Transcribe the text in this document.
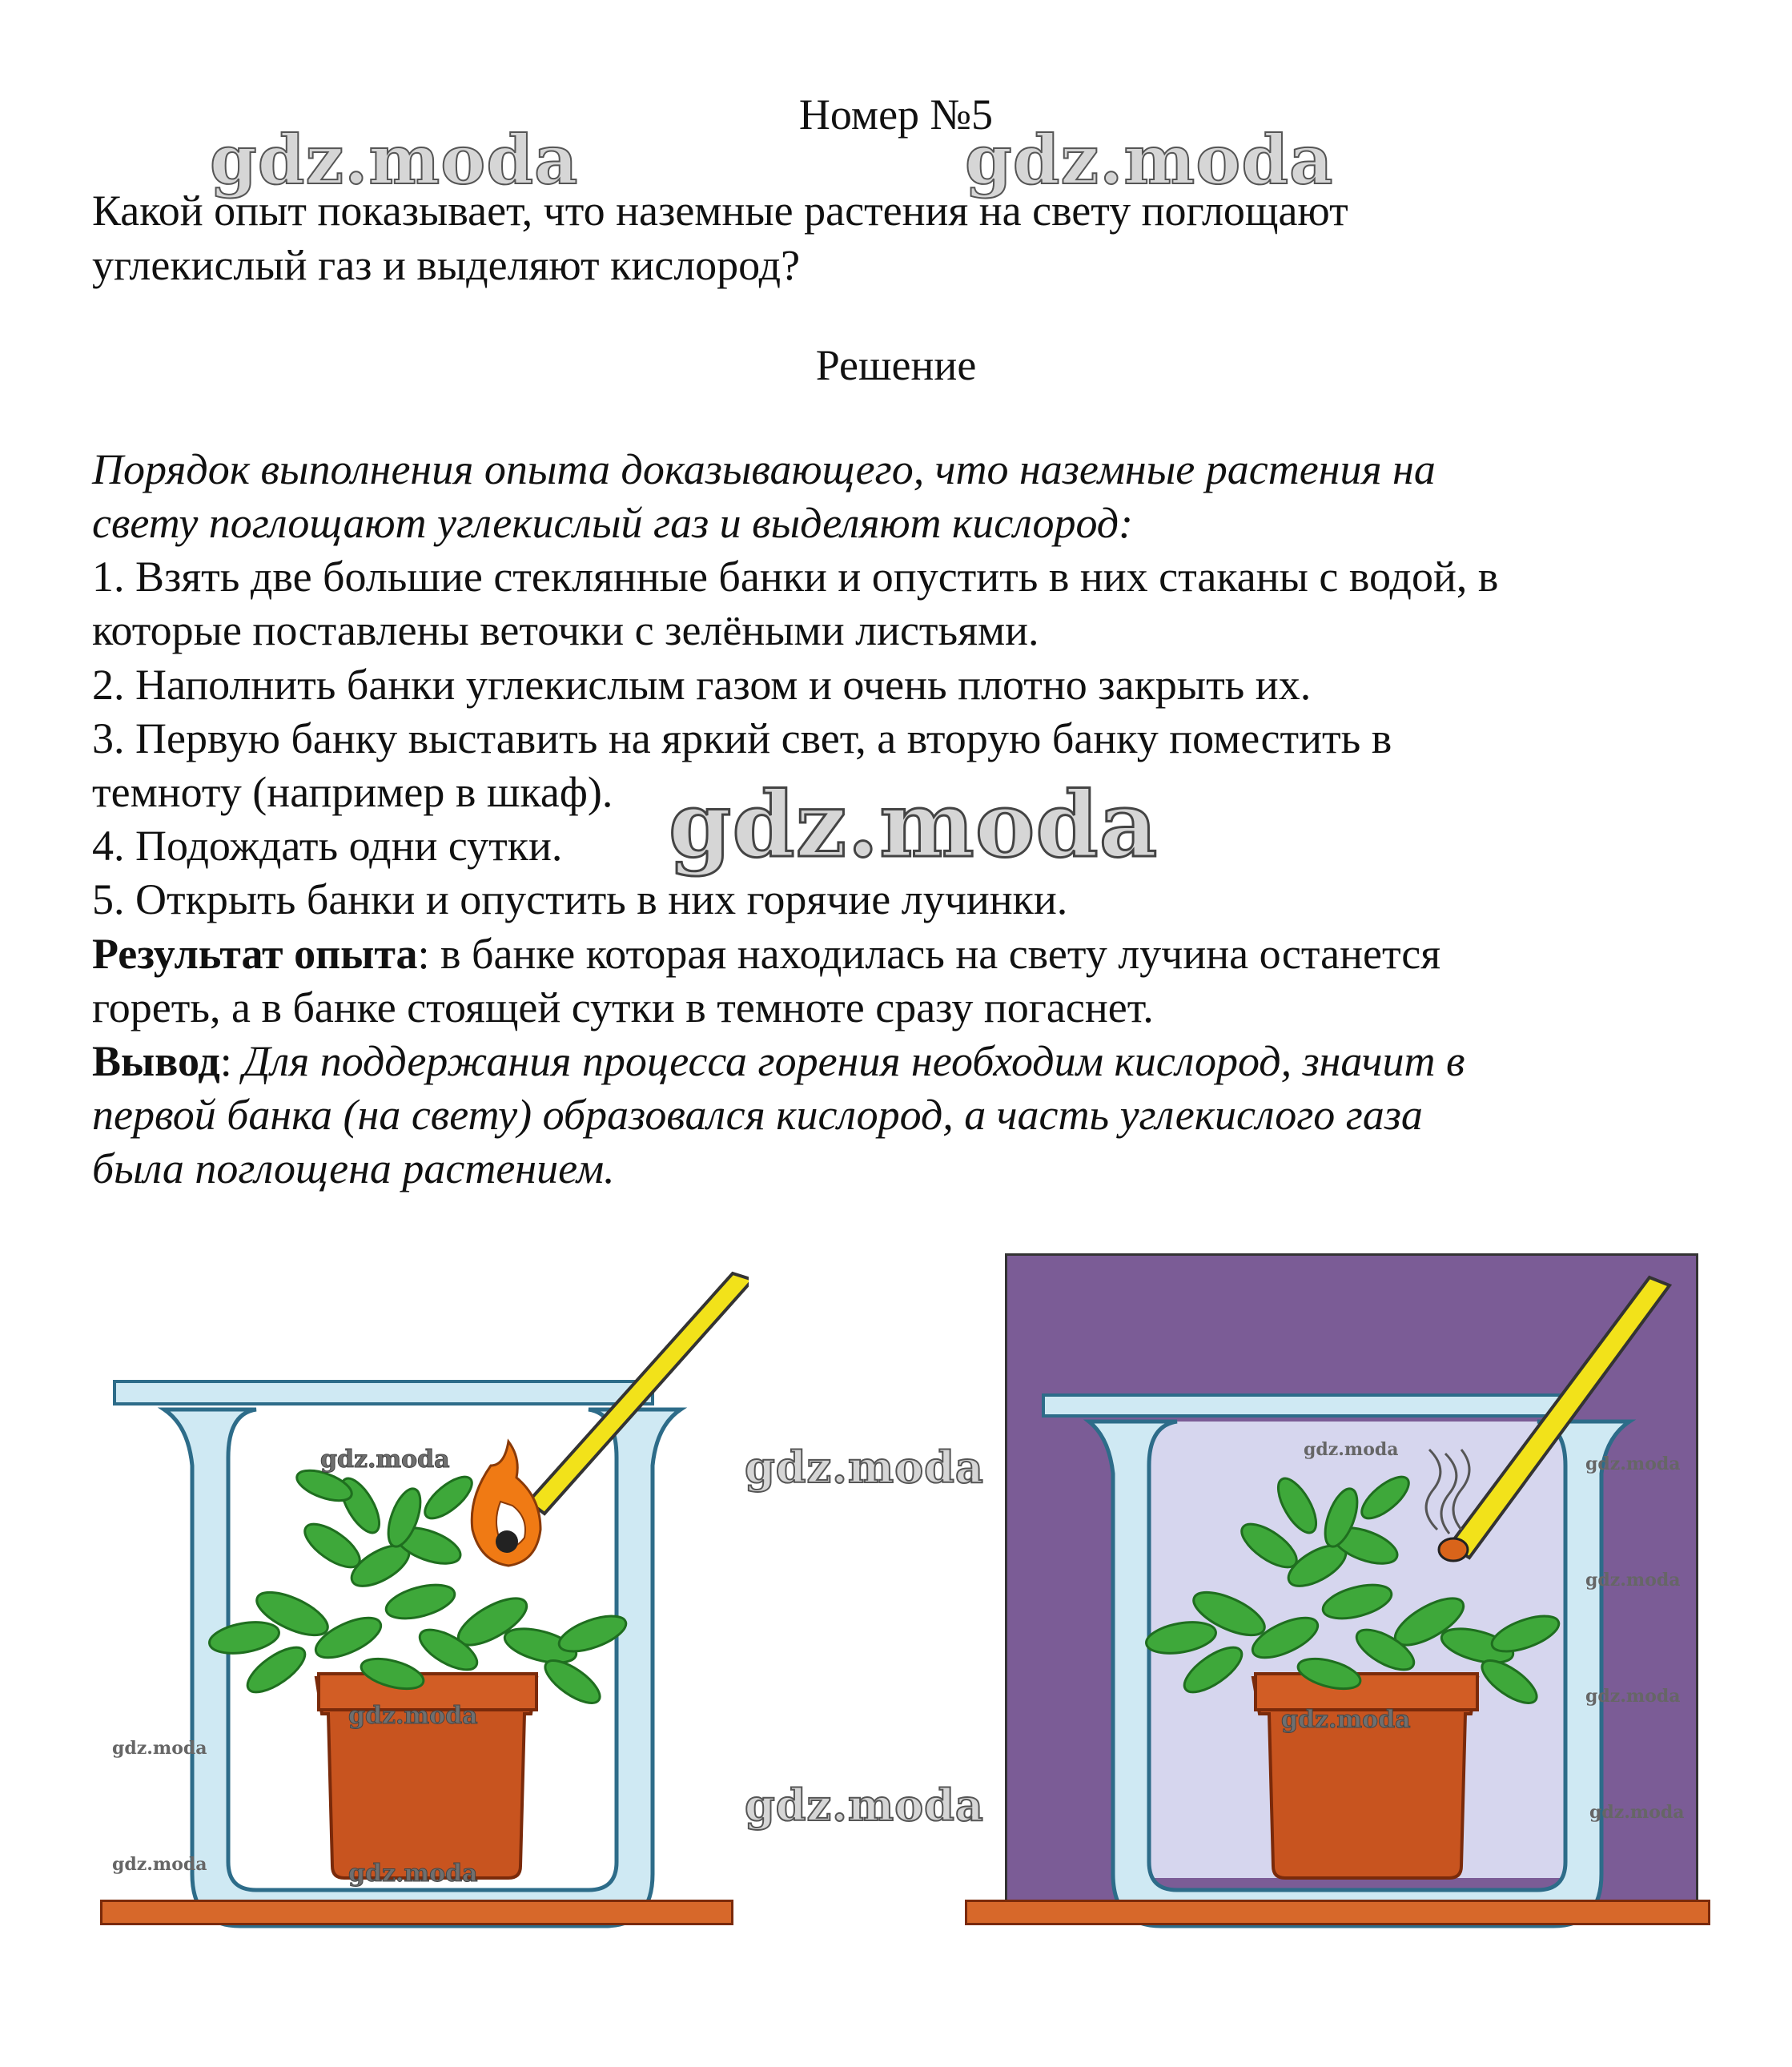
Номер №5
Какой опыт показывает, что наземные растения на свету поглощают
углекислый газ и выделяют кислород?
Решение
Порядок выполнения опыта доказывающего, что наземные растения на
свету поглощают углекислый газ и выделяют кислород:
1. Взять две большие стеклянные банки и опустить в них стаканы с водой, в
которые поставлены веточки с зелёными листьями.
2. Наполнить банки углекислым газом и очень плотно закрыть их.
3. Первую банку выставить на яркий свет, а вторую банку поместить в
темноту (например в шкаф).
4. Подождать одни сутки.
5. Открыть банки и опустить в них горячие лучинки.
Результат опыта: в банке которая находилась на свету лучина останется
гореть, а в банке стоящей сутки в темноте сразу погаснет.
Вывод: Для поддержания процесса горения необходим кислород, значит в
первой банка (на свету) образовался кислород, а часть углекислого газа
была поглощена растением.
gdz.moda	gdz.moda
gdz.moda
gdz.moda
gdz.moda
gdz.moda
gdz.moda
gdz.moda
gdz.moda
gdz.moda
gdz.moda
gdz.moda
gdz.moda
gdz.moda
gdz.moda
gdz.moda
